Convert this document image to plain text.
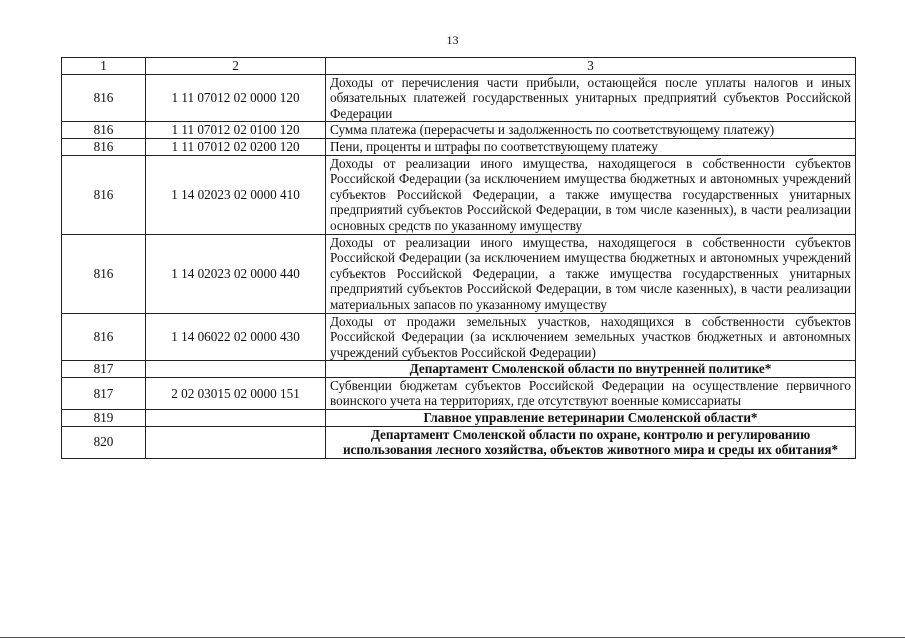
13
1	2	3
816	1 11 07012 02 0000 120	Доходы от перечисления части прибыли, остающейся после уплаты налогов и иных обязательных платежей государственных унитарных предприятий субъектов Российской Федерации
816	1 11 07012 02 0100 120	Сумма платежа (перерасчеты и задолженность по соответствующему платежу)
816	1 11 07012 02 0200 120	Пени, проценты и штрафы по соответствующему платежу
816	1 14 02023 02 0000 410	Доходы от реализации иного имущества, находящегося в собственности субъектов Российской Федерации (за исключением имущества бюджетных и автономных учреждений субъектов Российской Федерации, а также имущества государственных унитарных предприятий субъектов Российской Федерации, в том числе казенных), в части реализации основных средств по указанному имуществу
816	1 14 02023 02 0000 440	Доходы от реализации иного имущества, находящегося в собственности субъектов Российской Федерации (за исключением имущества бюджетных и автономных учреждений субъектов Российской Федерации, а также имущества государственных унитарных предприятий субъектов Российской Федерации, в том числе казенных), в части реализации материальных запасов по указанному имуществу
816	1 14 06022 02 0000 430	Доходы от продажи земельных участков, находящихся в собственности субъектов Российской Федерации (за исключением земельных участков бюджетных и автономных учреждений субъектов Российской Федерации)
817		Департамент Смоленской области по внутренней политике*
817	2 02 03015 02 0000 151	Субвенции бюджетам субъектов Российской Федерации на осуществление первичного воинского учета на территориях, где отсутствуют военные комиссариаты
819		Главное управление ветеринарии Смоленской области*
820		Департамент Смоленской области по охране, контролю и регулированию использования лесного хозяйства, объектов животного мира и среды их обитания*
